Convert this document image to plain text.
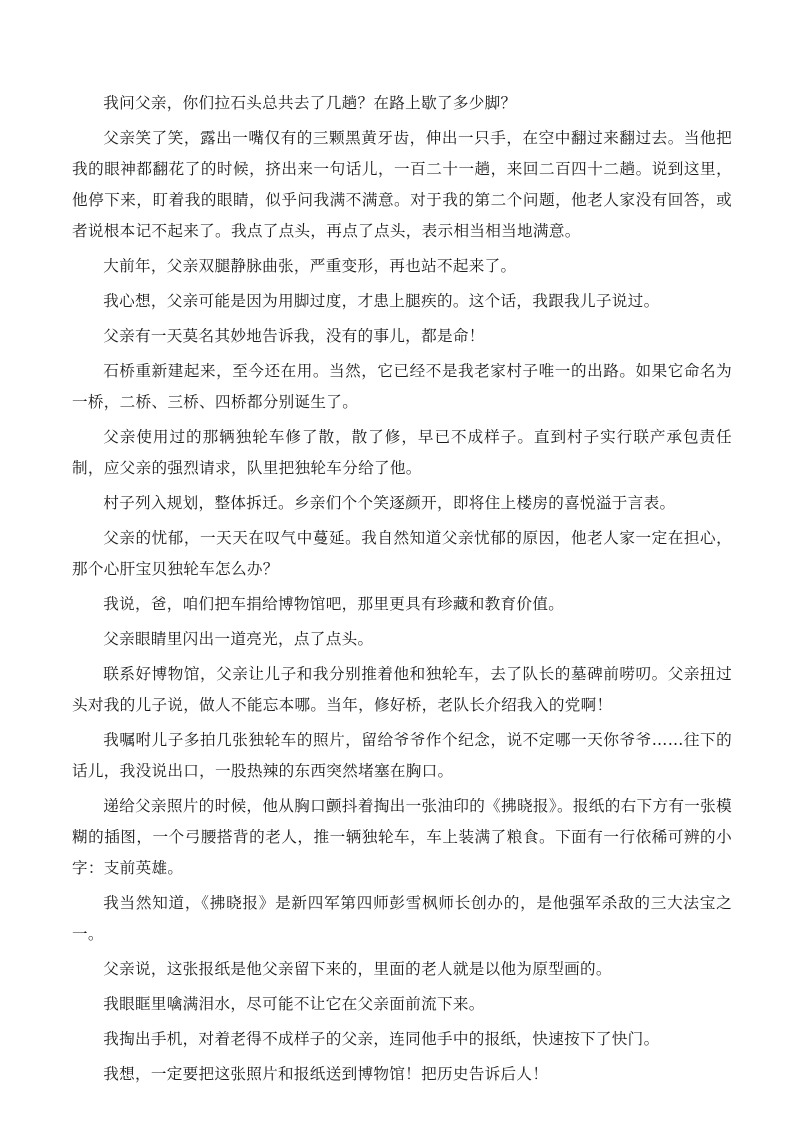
我问父亲，你们拉石头总共去了几趟？在路上歇了多少脚？

父亲笑了笑，露出一嘴仅有的三颗黑黄牙齿，伸出一只手，在空中翻过来翻过去。当他把我的眼神都翻花了的时候，挤出来一句话儿，一百二十一趟，来回二百四十二趟。说到这里，他停下来，盯着我的眼睛，似乎问我满不满意。对于我的第二个问题，他老人家没有回答，或者说根本记不起来了。我点了点头，再点了点头，表示相当相当地满意。

大前年，父亲双腿静脉曲张，严重变形，再也站不起来了。

我心想，父亲可能是因为用脚过度，才患上腿疾的。这个话，我跟我儿子说过。

父亲有一天莫名其妙地告诉我，没有的事儿，都是命！

石桥重新建起来，至今还在用。当然，它已经不是我老家村子唯一的出路。如果它命名为一桥，二桥、三桥、四桥都分别诞生了。

父亲使用过的那辆独轮车修了散，散了修，早已不成样子。直到村子实行联产承包责任制，应父亲的强烈请求，队里把独轮车分给了他。

村子列入规划，整体拆迁。乡亲们个个笑逐颜开，即将住上楼房的喜悦溢于言表。

父亲的忧郁，一天天在叹气中蔓延。我自然知道父亲忧郁的原因，他老人家一定在担心，那个心肝宝贝独轮车怎么办？

我说，爸，咱们把车捐给博物馆吧，那里更具有珍藏和教育价值。

父亲眼睛里闪出一道亮光，点了点头。

联系好博物馆，父亲让儿子和我分别推着他和独轮车，去了队长的墓碑前唠叨。父亲扭过头对我的儿子说，做人不能忘本哪。当年，修好桥，老队长介绍我入的党啊！

我嘱咐儿子多拍几张独轮车的照片，留给爷爷作个纪念，说不定哪一天你爷爷……往下的话儿，我没说出口，一股热辣的东西突然堵塞在胸口。

递给父亲照片的时候，他从胸口颤抖着掏出一张油印的《拂晓报》。报纸的右下方有一张模糊的插图，一个弓腰搭背的老人，推一辆独轮车，车上装满了粮食。下面有一行依稀可辨的小字：支前英雄。

我当然知道，《拂晓报》是新四军第四师彭雪枫师长创办的，是他强军杀敌的三大法宝之一。

父亲说，这张报纸是他父亲留下来的，里面的老人就是以他为原型画的。

我眼眶里噙满泪水，尽可能不让它在父亲面前流下来。

我掏出手机，对着老得不成样子的父亲，连同他手中的报纸，快速按下了快门。

我想，一定要把这张照片和报纸送到博物馆！把历史告诉后人！
